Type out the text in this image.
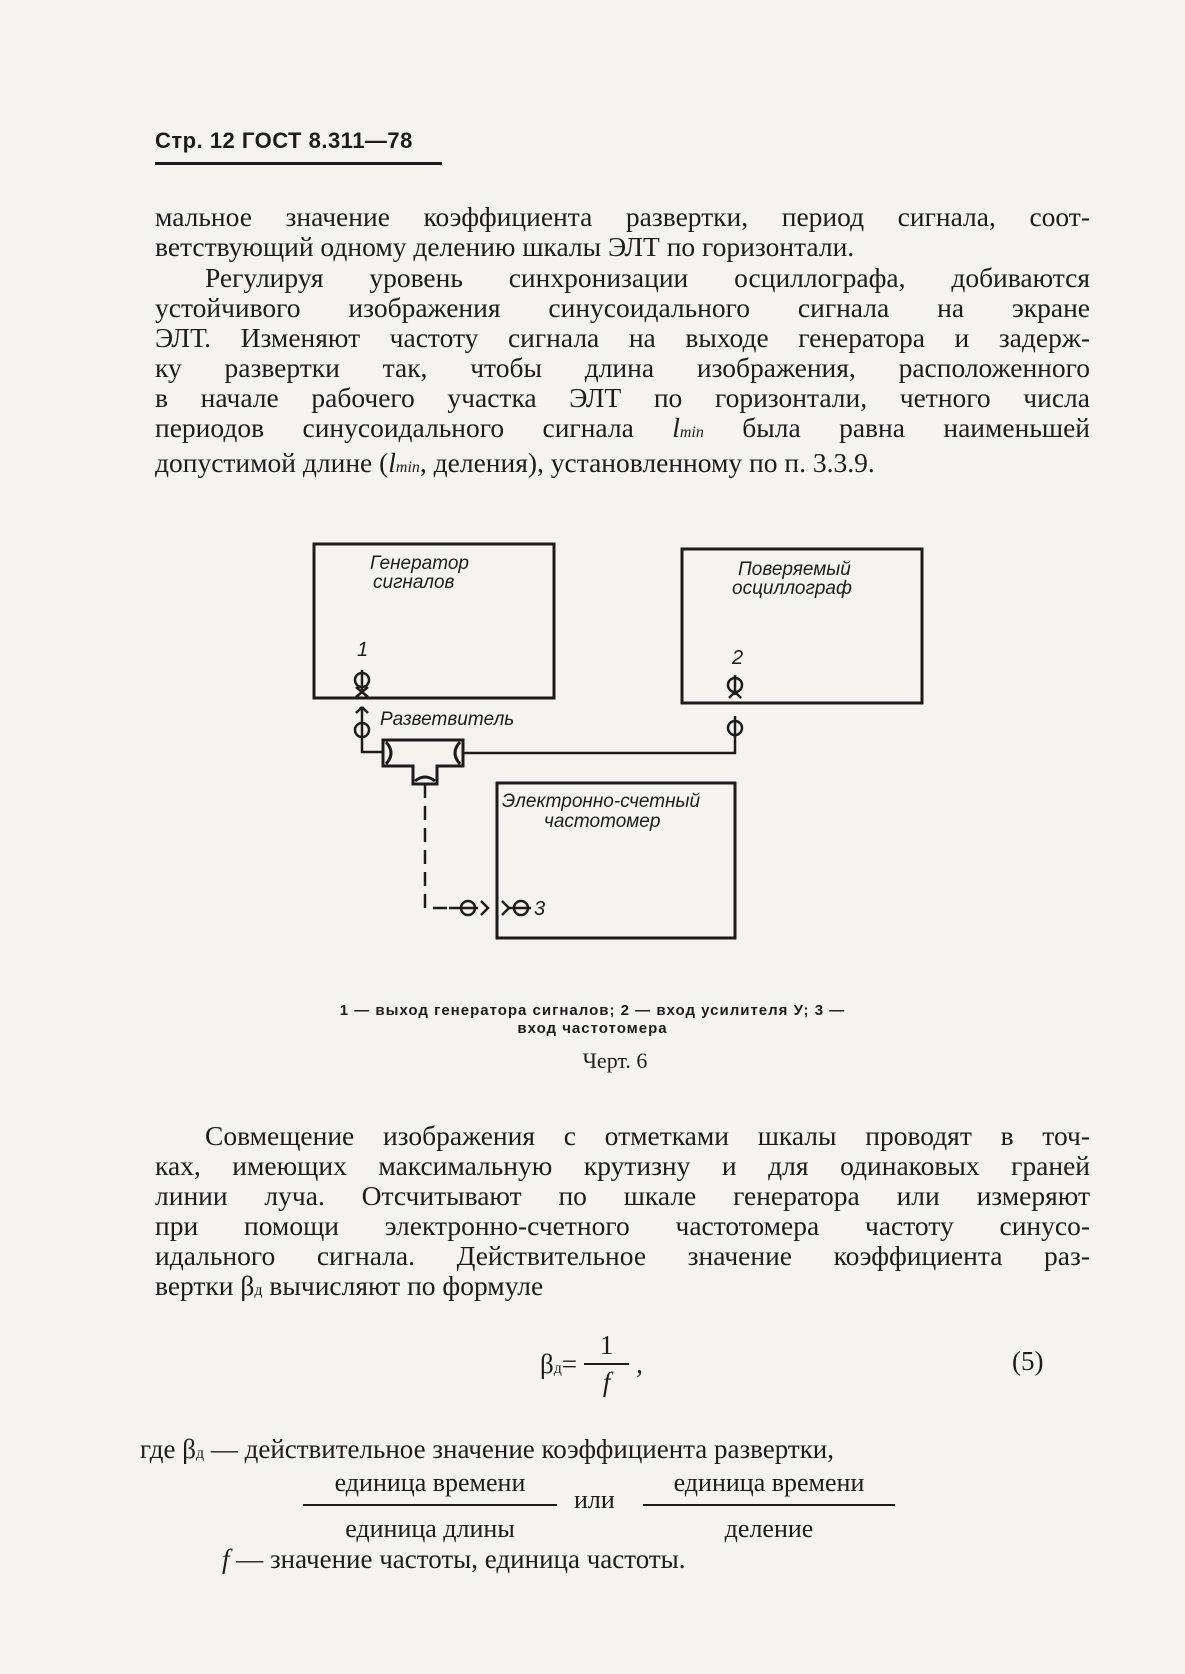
Стр. 12 ГОСТ 8.311—78
мальное значение коэффициента развертки, период сигнала, соот-
ветствующий одному делению шкалы ЭЛТ по горизонтали.
Регулируя уровень синхронизации осциллографа, добиваются
устойчивого изображения синусоидального сигнала на экране
ЭЛТ. Изменяют частоту сигнала на выходе генератора и задерж-
ку развертки так, чтобы длина изображения, расположенного
в начале рабочего участка ЭЛТ по горизонтали, четного числа
периодов синусоидального сигнала lmin была равна наименьшей
допустимой длине (lmin, деления), установленному по п. 3.3.9.
Генератор
сигналов
Поверяемый
осциллограф
Разветвитель
Электронно-счетный
частотомер
1	2
3
1 — выход генератора сигналов; 2 — вход усилителя У; 3 —
вход частотомера
Черт. 6
Совмещение изображения с отметками шкалы проводят в точ-
ках, имеющих максимальную крутизну и для одинаковых граней
линии луча. Отсчитывают по шкале генератора или измеряют
при помощи электронно-счетного частотомера частоту синусо-
идального сигнала. Действительное значение коэффициента раз-
вертки βд вычисляют по формуле
$\beta д= \frac{1}{f}$ ,	(5)
где βд — действительное значение коэффициента развертки,
единица времени
единица длины
или
единица времени
деление
f — значение частоты, единица частоты.
